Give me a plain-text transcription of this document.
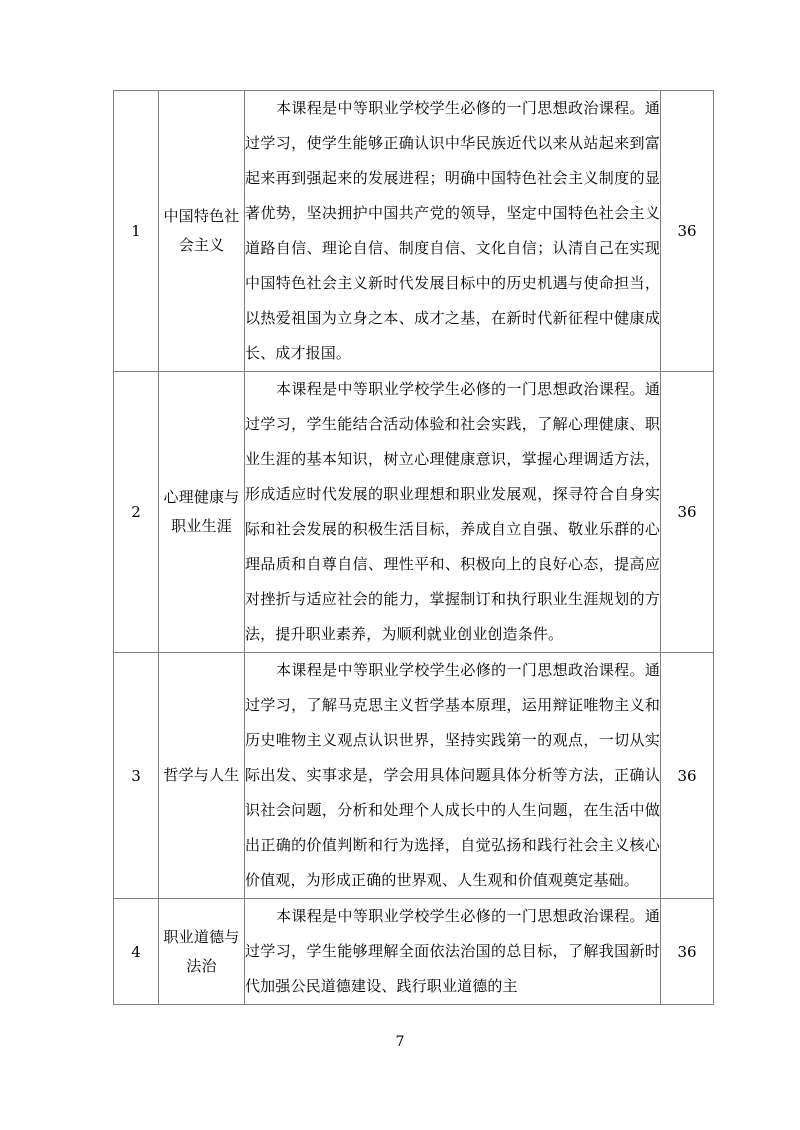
1	中国特色社会主义	本课程是中等职业学校学生必修的一门思想政治课程。通过学习，使学生能够正确认识中华民族近代以来从站起来到富起来再到强起来的发展进程；明确中国特色社会主义制度的显著优势，坚决拥护中国共产党的领导，坚定中国特色社会主义道路自信、理论自信、制度自信、文化自信；认清自己在实现中国特色社会主义新时代发展目标中的历史机遇与使命担当，以热爱祖国为立身之本、成才之基，在新时代新征程中健康成长、成才报国。	36
2	心理健康与职业生涯	本课程是中等职业学校学生必修的一门思想政治课程。通过学习，学生能结合活动体验和社会实践，了解心理健康、职业生涯的基本知识，树立心理健康意识，掌握心理调适方法，形成适应时代发展的职业理想和职业发展观，探寻符合自身实际和社会发展的积极生活目标，养成自立自强、敬业乐群的心理品质和自尊自信、理性平和、积极向上的良好心态，提高应对挫折与适应社会的能力，掌握制订和执行职业生涯规划的方法，提升职业素养，为顺利就业创业创造条件。	36
3	哲学与人生	本课程是中等职业学校学生必修的一门思想政治课程。通过学习，了解马克思主义哲学基本原理，运用辩证唯物主义和历史唯物主义观点认识世界，坚持实践第一的观点，一切从实际出发、实事求是，学会用具体问题具体分析等方法，正确认识社会问题，分析和处理个人成长中的人生问题，在生活中做出正确的价值判断和行为选择，自觉弘扬和践行社会主义核心价值观，为形成正确的世界观、人生观和价值观奠定基础。	36
4	职业道德与法治	本课程是中等职业学校学生必修的一门思想政治课程。通过学习，学生能够理解全面依法治国的总目标，了解我国新时代加强公民道德建设、践行职业道德的主	36
7
